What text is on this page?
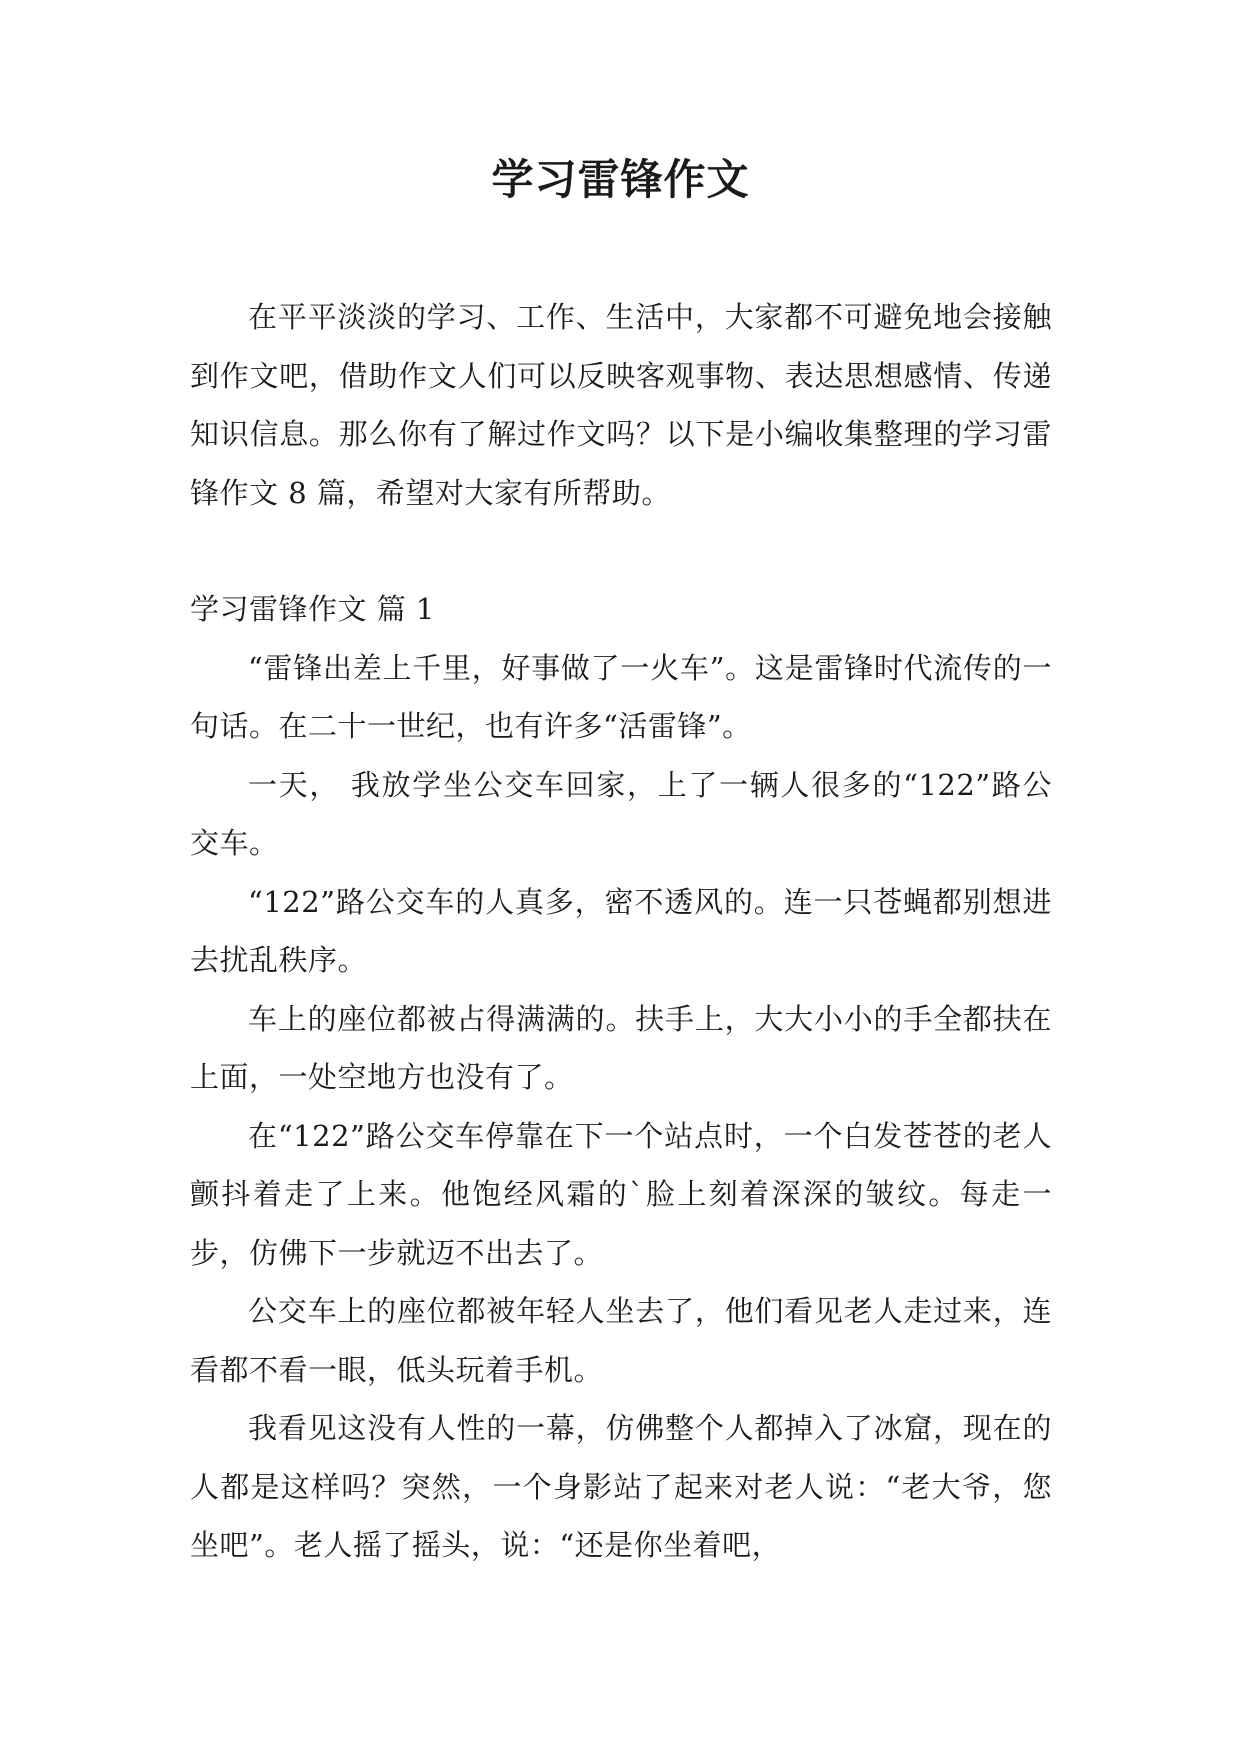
学习雷锋作文

在平平淡淡的学习、工作、生活中，大家都不可避免地会接触到作文吧，借助作文人们可以反映客观事物、表达思想感情、传递知识信息。那么你有了解过作文吗？以下是小编收集整理的学习雷锋作文 8 篇，希望对大家有所帮助。

学习雷锋作文 篇 1

“雷锋出差上千里，好事做了一火车”。这是雷锋时代流传的一句话。在二十一世纪，也有许多“活雷锋”。

一天， 我放学坐公交车回家，上了一辆人很多的“122”路公交车。

“122”路公交车的人真多，密不透风的。连一只苍蝇都别想进去扰乱秩序。

车上的座位都被占得满满的。扶手上，大大小小的手全都扶在上面，一处空地方也没有了。

在“122”路公交车停靠在下一个站点时，一个白发苍苍的老人颤抖着走了上来。他饱经风霜的`脸上刻着深深的皱纹。每走一步，仿佛下一步就迈不出去了。

公交车上的座位都被年轻人坐去了，他们看见老人走过来，连看都不看一眼，低头玩着手机。

我看见这没有人性的一幕，仿佛整个人都掉入了冰窟，现在的人都是这样吗？突然，一个身影站了起来对老人说：“老大爷，您坐吧”。老人摇了摇头，说：“还是你坐着吧，
